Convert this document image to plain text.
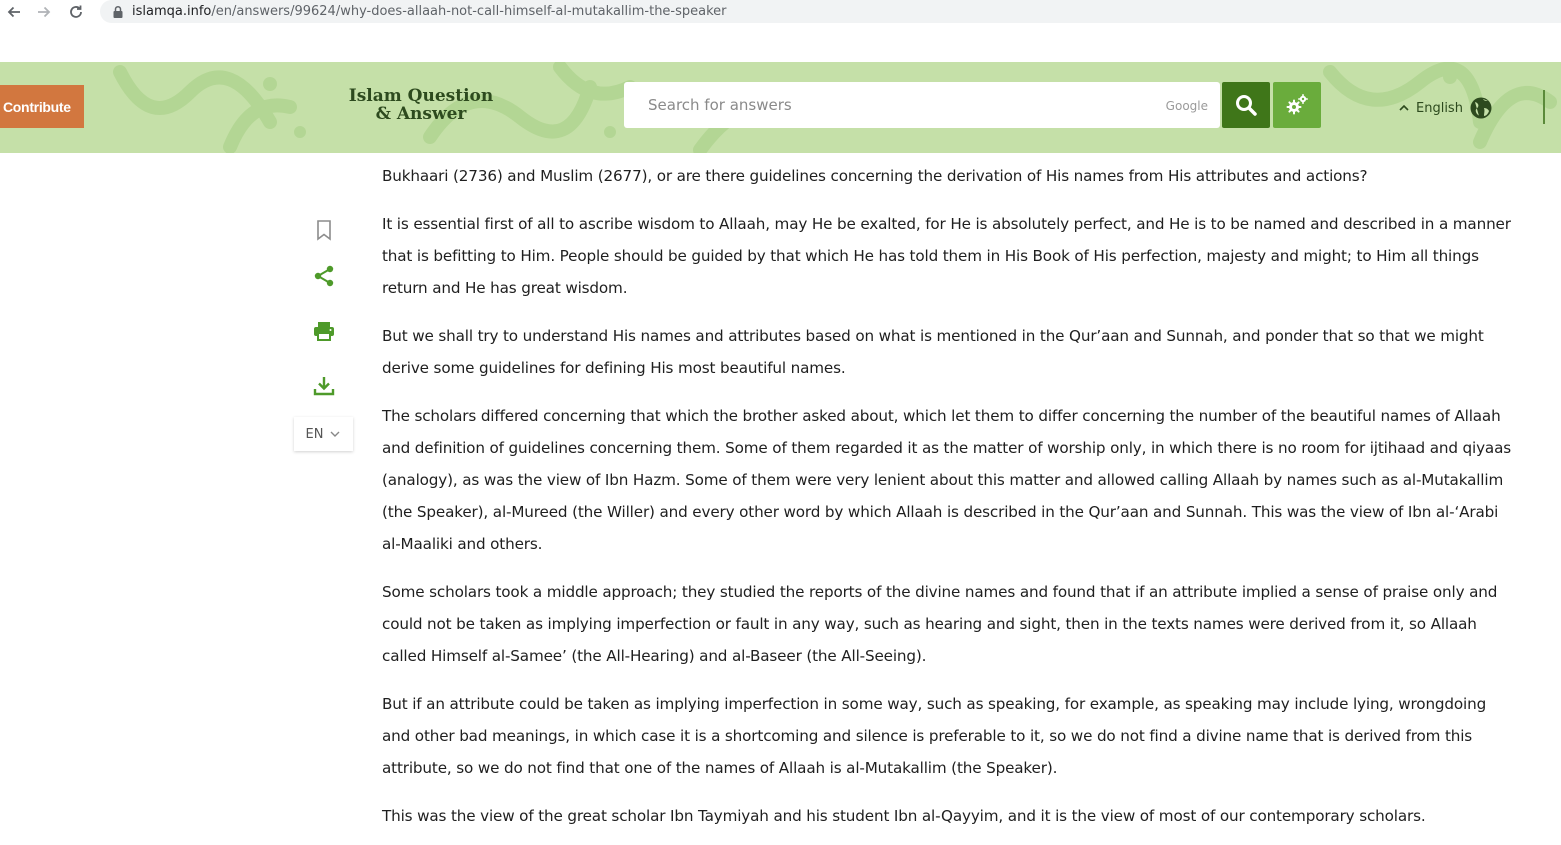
islamqa.info /en/answers/99624/why-does-allaah-not-call-himself-al-mutakallim-the-speaker
Contribute
Islam Question
& Answer
Search for answers	Google	English
EN

Bukhaari (2736) and Muslim (2677), or are there guidelines concerning the derivation of His names from His attributes and actions?

It is essential first of all to ascribe wisdom to Allaah, may He be exalted, for He is absolutely perfect, and He is to be named and described in a manner that is befitting to Him. People should be guided by that which He has told them in His Book of His perfection, majesty and might; to Him all things return and He has great wisdom.

But we shall try to understand His names and attributes based on what is mentioned in the Qur’aan and Sunnah, and ponder that so that we might derive some guidelines for defining His most beautiful names.

The scholars differed concerning that which the brother asked about, which let them to differ concerning the number of the beautiful names of Allaah and definition of guidelines concerning them. Some of them regarded it as the matter of worship only, in which there is no room for ijtihaad and qiyaas (analogy), as was the view of Ibn Hazm. Some of them were very lenient about this matter and allowed calling Allaah by names such as al-Mutakallim (the Speaker), al-Mureed (the Willer) and every other word by which Allaah is described in the Qur’aan and Sunnah. This was the view of Ibn al-‘Arabi al-Maaliki and others.

Some scholars took a middle approach; they studied the reports of the divine names and found that if an attribute implied a sense of praise only and could not be taken as implying imperfection or fault in any way, such as hearing and sight, then in the texts names were derived from it, so Allaah called Himself al-Samee’ (the All-Hearing) and al-Baseer (the All-Seeing).

But if an attribute could be taken as implying imperfection in some way, such as speaking, for example, as speaking may include lying, wrongdoing and other bad meanings, in which case it is a shortcoming and silence is preferable to it, so we do not find a divine name that is derived from this attribute, so we do not find that one of the names of Allaah is al-Mutakallim (the Speaker).

This was the view of the great scholar Ibn Taymiyah and his student Ibn al-Qayyim, and it is the view of most of our contemporary scholars.
